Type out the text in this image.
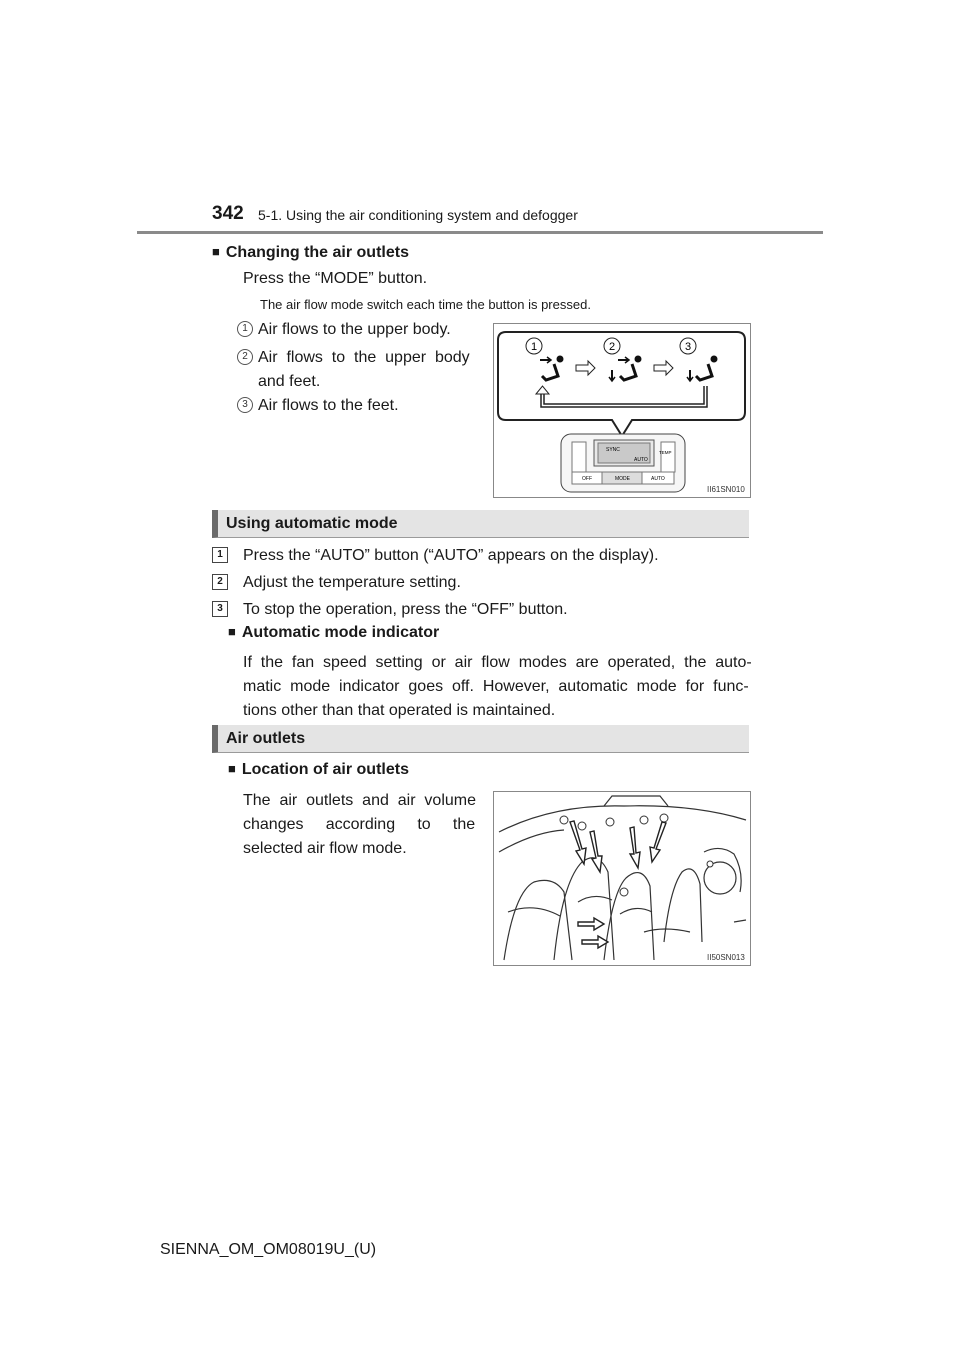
342 5-1. Using the air conditioning system and defogger
■ Changing the air outlets
Press the “MODE” button.
The air flow mode switch each time the button is pressed.
1 Air flows to the upper body.
2 Air  flows  to  the  upper  body
and feet.
3 Air flows to the feet.
1	2	3
SYNC
AUTO
TEMP
OFF	MODE	AUTO
II61SN010
Using automatic mode
1	Press the “AUTO” button (“AUTO” appears on the display).
2	Adjust the temperature setting.
3	To stop the operation, press the “OFF” button.
■ Automatic mode indicator
If  the  fan  speed  setting  or  air  flow  modes  are  operated,  the  auto-
matic  mode  indicator  goes  off.  However,  automatic  mode  for  func-
tions other than that operated is maintained.
Air outlets
■ Location of air outlets
The  air  outlets  and  air  volume
changes     according     to     the
selected air flow mode.
II50SN013
SIENNA_OM_OM08019U_(U)
